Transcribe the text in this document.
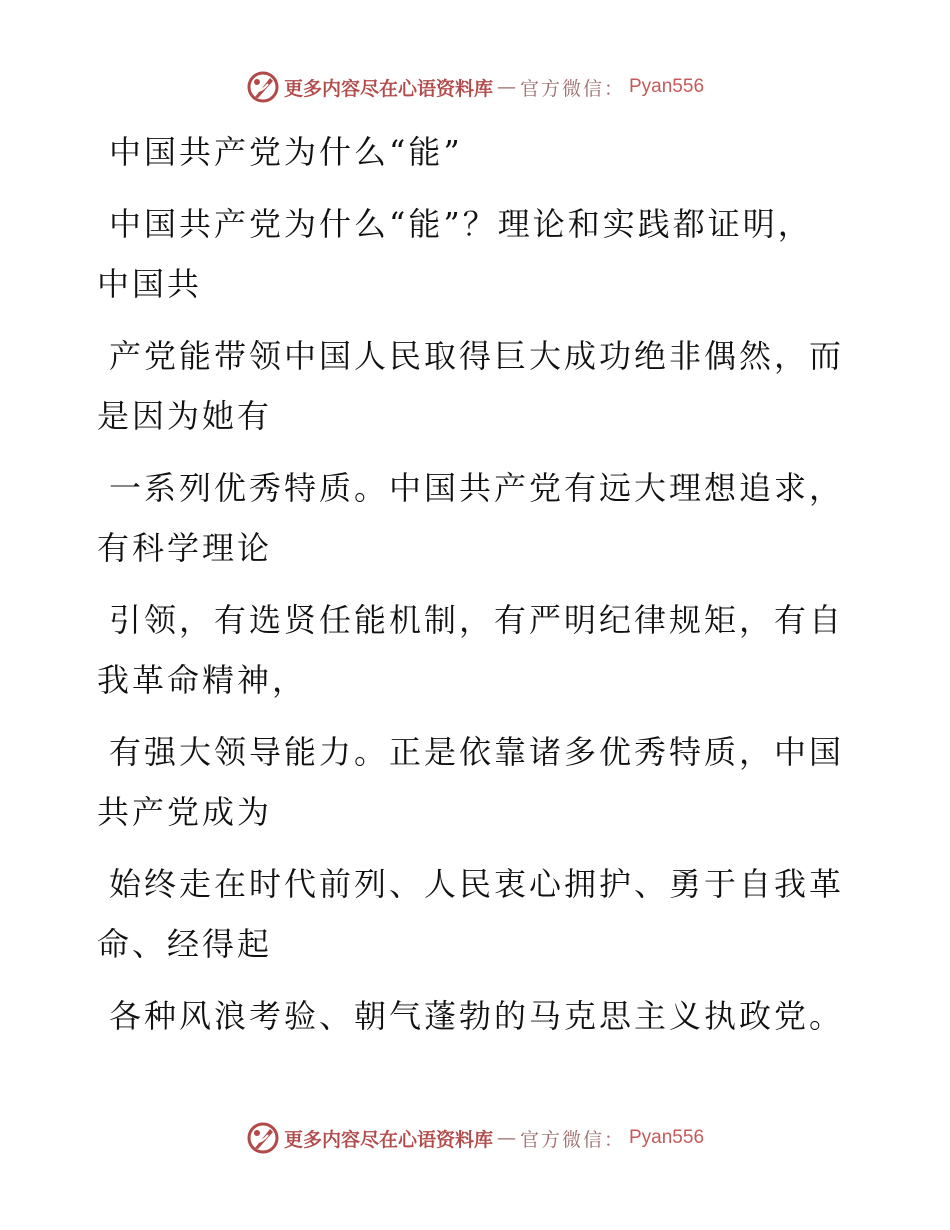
更多内容尽在心语资料库 — 官方微信： Pyan556
中国共产党为什么“能”
中国共产党为什么“能”？理论和实践都证明，
中国共
产党能带领中国人民取得巨大成功绝非偶然，而
是因为她有
一系列优秀特质。中国共产党有远大理想追求，
有科学理论
引领，有选贤任能机制，有严明纪律规矩，有自
我革命精神，
有强大领导能力。正是依靠诸多优秀特质，中国
共产党成为
始终走在时代前列、人民衷心拥护、勇于自我革
命、经得起
各种风浪考验、朝气蓬勃的马克思主义执政党。
更多内容尽在心语资料库 — 官方微信： Pyan556
